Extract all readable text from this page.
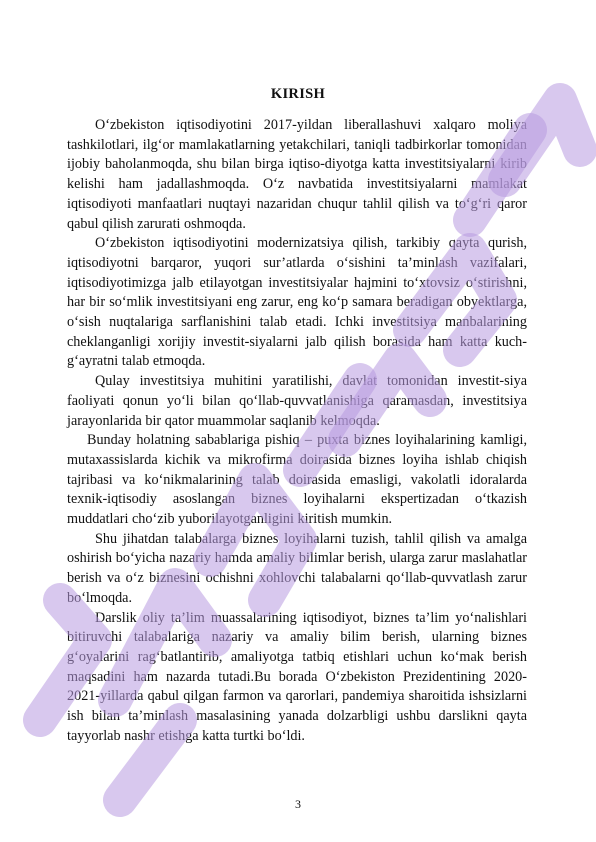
KIRISH

O‘zbekiston iqtisodiyotini 2017-yildan liberallashuvi xalqaro moliya tashkilotlari, ilg‘or mamlakatlarning yetakchilari, taniqli tadbirkorlar tomonidan ijobiy baholanmoqda, shu bilan birga iqtiso-diyotga katta investitsiyalarni kirib kelishi ham jadallashmoqda. O‘z navbatida investitsiyalarni mamlakat iqtisodiyoti manfaatlari nuqtayi nazaridan chuqur tahlil qilish va to‘g‘ri qaror qabul qilish zarurati oshmoqda.

O‘zbekiston iqtisodiyotini modernizatsiya qilish, tarkibiy qayta qurish, iqtisodiyotni barqaror, yuqori sur’atlarda o‘sishini ta’minlash vazifalari, iqtisodiyotimizga jalb etilayotgan investitsiyalar hajmini to‘xtovsiz o‘stirishni, har bir so‘mlik investitsiyani eng zarur, eng ko‘p samara beradigan obyektlarga, o‘sish nuqtalariga sarflanishini talab etadi. Ichki investitsiya manbalarining cheklanganligi xorijiy investit-siyalarni jalb qilish borasida ham katta kuch-g‘ayratni talab etmoqda.

Qulay investitsiya muhitini yaratilishi, davlat tomonidan investit-siya faoliyati qonun yo‘li bilan qo‘llab-quvvatlanishiga qaramasdan, investitsiya jarayonlarida bir qator muammolar saqlanib kelmoqda.

Bunday holatning sabablariga pishiq – puxta biznes loyihalarining kamligi, mutaxassislarda kichik va mikrofirma doirasida biznes loyiha ishlab chiqish tajribasi va ko‘nikmalarining talab doirasida emasligi, vakolatli idoralarda texnik-iqtisodiy asoslangan biznes loyihalarni ekspertizadan o‘tkazish muddatlari cho‘zib yuborilayotganligini kiritish mumkin.

Shu jihatdan talabalarga biznes loyihalarni tuzish, tahlil qilish va amalga oshirish bo‘yicha nazariy hamda amaliy bilimlar berish, ularga zarur maslahatlar berish va o‘z biznesini ochishni xohlovchi talabalarni qo‘llab-quvvatlash zarur bo‘lmoqda.

Darslik oliy ta’lim muassalarining iqtisodiyot, biznes ta’lim yo‘nalishlari bitiruvchi talabalariga nazariy va amaliy bilim berish, ularning biznes g‘oyalarini rag‘batlantirib, amaliyotga tatbiq etishlari uchun ko‘mak berish maqsadini ham nazarda tutadi.Bu borada O‘zbekiston Prezidentining 2020-2021-yillarda qabul qilgan farmon va qarorlari, pandemiya sharoitida ishsizlarni ish bilan ta’minlash masalasining yanada dolzarbligi ushbu darslikni qayta tayyorlab nashr etishga katta turtki bo‘ldi.

3
